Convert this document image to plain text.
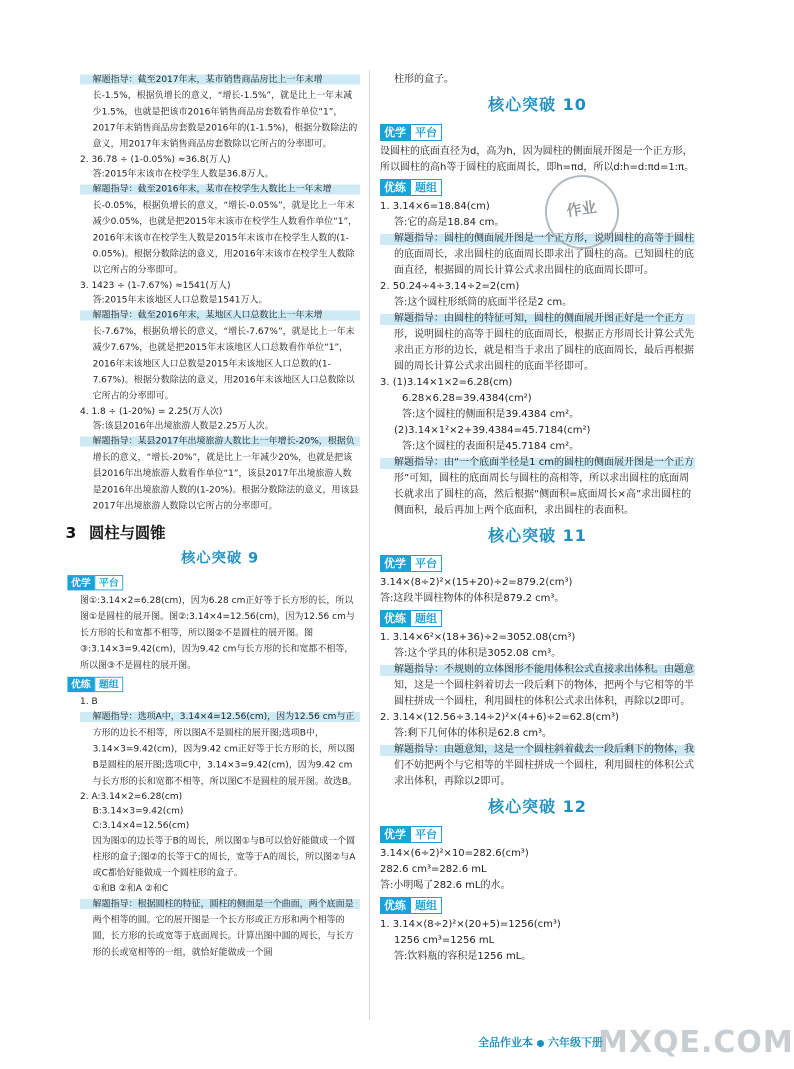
解题指导：截至2017年末，某市销售商品房比上一年末增长-1.5%，根据负增长的意义，“增长-1.5%”，就是比上一年末减少1.5%，也就是把该市2016年销售商品房套数看作单位“1”，2017年末销售商品房套数是2016年的(1-1.5%)，根据分数除法的意义，用2017年末销售商品房套数除以它所占的分率即可。
2. 36.78 ÷ (1-0.05%) ≈36.8(万人)
答:2015年末该市在校学生人数是36.8万人。
解题指导：截至2016年末，某市在校学生人数比上一年末增长-0.05%，根据负增长的意义，“增长-0.05%”，就是比上一年末减少0.05%，也就是把2015年末该市在校学生人数看作单位“1”，2016年末该市在校学生人数是2015年末该市在校学生人数的(1-0.05%)。根据分数除法的意义，用2016年末该市在校学生人数除以它所占的分率即可。
3. 1423 ÷ (1-7.67%) ≈1541(万人)
答:2015年末该地区人口总数是1541万人。
解题指导：截至2016年末，某地区人口总数比上一年末增长-7.67%，根据负增长的意义，“增长-7.67%”，就是比上一年末减少7.67%，也就是把2015年末该地区人口总数看作单位“1”，2016年末该地区人口总数是2015年末该地区人口总数的(1-7.67%)。根据分数除法的意义，用2016年末该地区人口总数除以它所占的分率即可。
4. 1.8 ÷ (1-20%) = 2.25(万人次)
答:该县2016年出境旅游人数是2.25万人次。
解题指导：某县2017年出境旅游人数比上一年增长-20%，根据负增长的意义，“增长-20%”，就是比上一年减少20%，也就是把该县2016年出境旅游人数看作单位“1”，该县2017年出境旅游人数是2016年出境旅游人数的(1-20%)。根据分数除法的意义，用该县2017年出境旅游人数除以它所占的分率即可。
3 圆柱与圆锥
核心突破 9
优学 平台
图①:3.14×2=6.28(cm)，因为6.28 cm正好等于长方形的长，所以图①是圆柱的展开图。图②:3.14×4=12.56(cm)，因为12.56 cm与长方形的长和宽都不相等，所以图②不是圆柱的展开图。图③:3.14×3=9.42(cm)，因为9.42 cm与长方形的长和宽都不相等，所以图③不是圆柱的展开图。
优练 题组
1. B
解题指导：选项A中，3.14×4=12.56(cm)，因为12.56 cm与正方形的边长不相等，所以图A不是圆柱的展开图;选项B中，3.14×3=9.42(cm)，因为9.42 cm正好等于长方形的长，所以图B是圆柱的展开图;选项C中，3.14×3=9.42(cm)，因为9.42 cm与长方形的长和宽都不相等，所以图C不是圆柱的展开图。故选B。
2. A:3.14×2=6.28(cm)
B:3.14×3=9.42(cm)
C:3.14×4=12.56(cm)
因为图①的边长等于B的周长，所以图①与B可以恰好能做成一个圆柱形的盒子;图②的长等于C的周长，宽等于A的周长，所以图②与A或C都恰好能做成一个圆柱形的盒子。
①和B ②和A ②和C
解题指导：根据圆柱的特征，圆柱的侧面是一个曲面，两个底面是两个相等的圆。它的展开图是一个长方形或正方形和两个相等的圆，长方形的长或宽等于底面周长。计算出图中圆的周长，与长方形的长或宽相等的一组，就恰好能做成一个圆
柱形的盒子。
核心突破 10
优学 平台
设圆柱的底面直径为d，高为h，因为圆柱的侧面展开图是一个正方形，所以圆柱的高h等于圆柱的底面周长，即h=πd，所以d:h=d:πd=1:π。
优练 题组
1. 3.14×6=18.84(cm)
答:它的高是18.84 cm。
解题指导：圆柱的侧面展开图是一个正方形，说明圆柱的高等于圆柱的底面周长，求出圆柱的底面周长即求出了圆柱的高。已知圆柱的底面直径，根据圆的周长计算公式求出圆柱的底面周长即可。
2. 50.24÷4÷3.14÷2=2(cm)
答:这个圆柱形纸筒的底面半径是2 cm。
解题指导：由圆柱的特征可知，圆柱的侧面展开图正好是一个正方形，说明圆柱的高等于圆柱的底面周长，根据正方形周长计算公式先求出正方形的边长，就是相当于求出了圆柱的底面周长，最后再根据圆的周长计算公式求出圆柱的底面半径即可。
3. (1)3.14×1×2=6.28(cm)
6.28×6.28=39.4384(cm²)
答:这个圆柱的侧面积是39.4384 cm²。
(2)3.14×1²×2+39.4384=45.7184(cm²)
答:这个圆柱的表面积是45.7184 cm²。
解题指导：由“一个底面半径是1 cm的圆柱的侧面展开图是一个正方形”可知，圆柱的底面周长与圆柱的高相等，所以求出圆柱的底面周长就求出了圆柱的高，然后根据“侧面积=底面周长×高”求出圆柱的侧面积，最后再加上两个底面积，求出圆柱的表面积。
核心突破 11
优学 平台
3.14×(8÷2)²×(15+20)÷2=879.2(cm³)
答:这段半圆柱物体的体积是879.2 cm³。
优练 题组
1. 3.14×6²×(18+36)÷2=3052.08(cm³)
答:这个学具的体积是3052.08 cm³。
解题指导：不规则的立体图形不能用体积公式直接求出体积。由题意知，这是一个圆柱斜着切去一段后剩下的物体，把两个与它相等的半圆柱拼成一个圆柱，利用圆柱的体积公式求出体积，再除以2即可。
2. 3.14×(12.56÷3.14÷2)²×(4+6)÷2=62.8(cm³)
答:剩下几何体的体积是62.8 cm³。
解题指导：由题意知，这是一个圆柱斜着截去一段后剩下的物体，我们不妨把两个与它相等的半圆柱拼成一个圆柱，利用圆柱的体积公式求出体积，再除以2即可。
核心突破 12
优学 平台
3.14×(6÷2)²×10=282.6(cm³)
282.6 cm³=282.6 mL
答:小明喝了282.6 mL的水。
优练 题组
1. 3.14×(8÷2)²×(20+5)=1256(cm³)
1256 cm³=1256 mL
答:饮料瓶的容积是1256 mL。
作业
全品作业本 六年级下册
MXQE.COM
